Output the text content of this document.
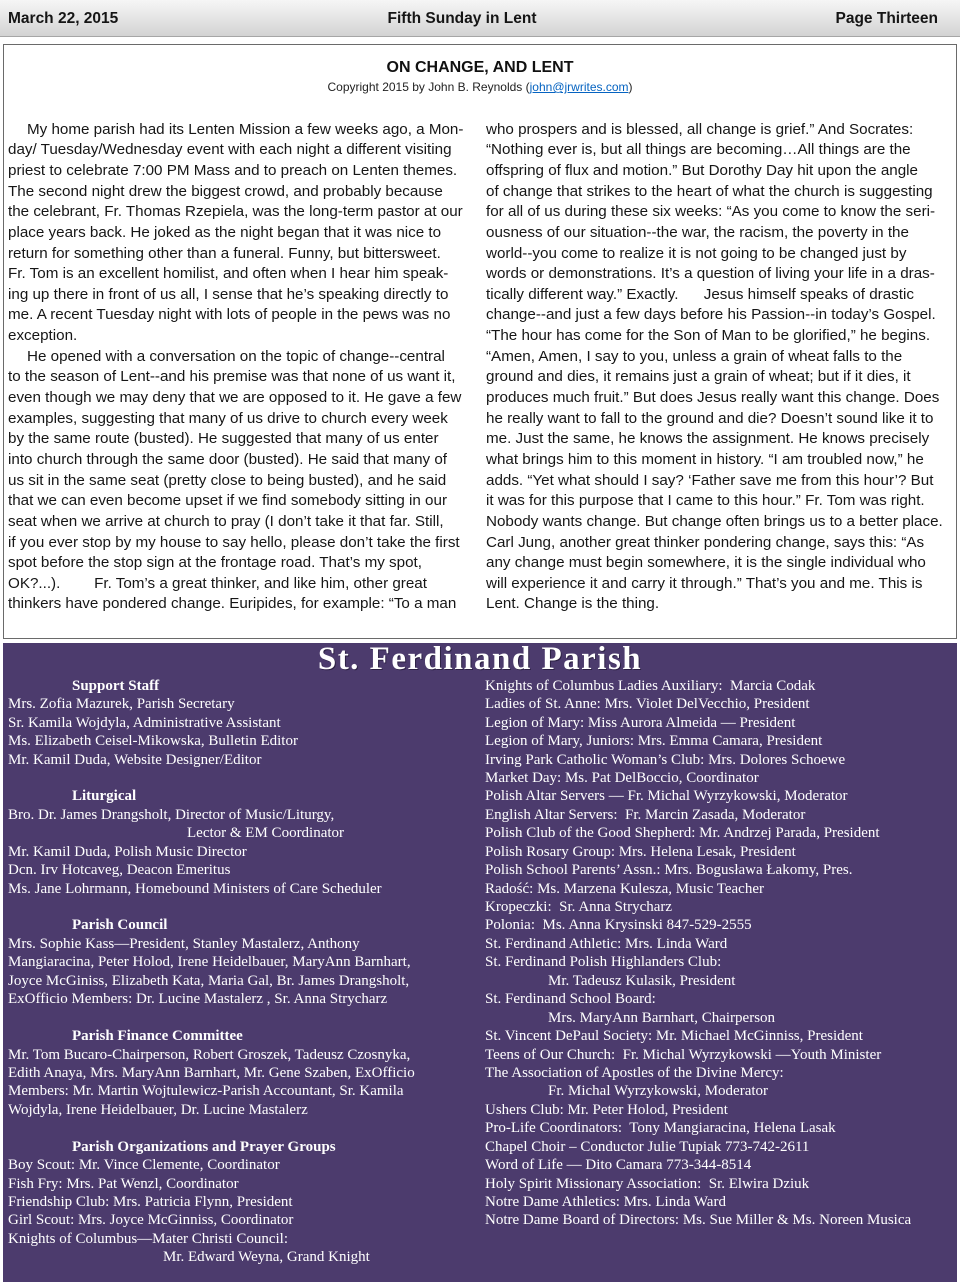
March 22, 2015	Fifth Sunday in Lent	Page Thirteen
ON CHANGE, AND LENT
Copyright 2015 by John B. Reynolds (john@jrwrites.com)
My home parish had its Lenten Mission a few weeks ago, a Mon-
day/ Tuesday/Wednesday event with each night a different visiting
priest to celebrate 7:00 PM Mass and to preach on Lenten themes.
The second night drew the biggest crowd, and probably because
the celebrant, Fr. Thomas Rzepiela, was the long-term pastor at our
place years back. He joked as the night began that it was nice to
return for something other than a funeral. Funny, but bittersweet.
Fr. Tom is an excellent homilist, and often when I hear him speak-
ing up there in front of us all, I sense that he’s speaking directly to
me. A recent Tuesday night with lots of people in the pews was no
exception.
He opened with a conversation on the topic of change--central
to the season of Lent--and his premise was that none of us want it,
even though we may deny that we are opposed to it. He gave a few
examples, suggesting that many of us drive to church every week
by the same route (busted). He suggested that many of us enter
into church through the same door (busted). He said that many of
us sit in the same seat (pretty close to being busted), and he said
that we can even become upset if we find somebody sitting in our
seat when we arrive at church to pray (I don’t take it that far. Still,
if you ever stop by my house to say hello, please don’t take the first
spot before the stop sign at the frontage road. That’s my spot,
OK?...).        Fr. Tom’s a great thinker, and like him, other great
thinkers have pondered change. Euripides, for example: “To a man
who prospers and is blessed, all change is grief.” And Socrates:
“Nothing ever is, but all things are becoming…All things are the
offspring of flux and motion.” But Dorothy Day hit upon the angle
of change that strikes to the heart of what the church is suggesting
for all of us during these six weeks: “As you come to know the seri-
ousness of our situation--the war, the racism, the poverty in the
world--you come to realize it is not going to be changed just by
words or demonstrations. It’s a question of living your life in a dras-
tically different way.” Exactly.      Jesus himself speaks of drastic
change--and just a few days before his Passion--in today’s Gospel.
“The hour has come for the Son of Man to be glorified,” he begins.
“Amen, Amen, I say to you, unless a grain of wheat falls to the
ground and dies, it remains just a grain of wheat; but if it dies, it
produces much fruit.” But does Jesus really want this change. Does
he really want to fall to the ground and die? Doesn’t sound like it to
me. Just the same, he knows the assignment. He knows precisely
what brings him to this moment in history. “I am troubled now,” he
adds. “Yet what should I say? ‘Father save me from this hour’? But
it was for this purpose that I came to this hour.” Fr. Tom was right.
Nobody wants change. But change often brings us to a better place.
Carl Jung, another great thinker pondering change, says this: “As
any change must begin somewhere, it is the single individual who
will experience it and carry it through.” That’s you and me. This is
Lent. Change is the thing.
St. Ferdinand Parish
Support Staff
Mrs. Zofia Mazurek, Parish Secretary
Sr. Kamila Wojdyla, Administrative Assistant
Ms. Elizabeth Ceisel-Mikowska, Bulletin Editor
Mr. Kamil Duda, Website Designer/Editor
Liturgical
Bro. Dr. James Drangsholt, Director of Music/Liturgy,
Lector & EM Coordinator
Mr. Kamil Duda, Polish Music Director
Dcn. Irv Hotcaveg, Deacon Emeritus
Ms. Jane Lohrmann, Homebound Ministers of Care Scheduler
Parish Council
Mrs. Sophie Kass—President, Stanley Mastalerz, Anthony
Mangiaracina, Peter Holod, Irene Heidelbauer, MaryAnn Barnhart,
Joyce McGiniss, Elizabeth Kata, Maria Gal, Br. James Drangsholt,
ExOfficio Members: Dr. Lucine Mastalerz , Sr. Anna Strycharz
Parish Finance Committee
Mr. Tom Bucaro-Chairperson, Robert Groszek, Tadeusz Czosnyka,
Edith Anaya, Mrs. MaryAnn Barnhart, Mr. Gene Szaben, ExOfficio
Members: Mr. Martin Wojtulewicz-Parish Accountant, Sr. Kamila
Wojdyla, Irene Heidelbauer, Dr. Lucine Mastalerz
Parish Organizations and Prayer Groups
Boy Scout: Mr. Vince Clemente, Coordinator
Fish Fry: Mrs. Pat Wenzl, Coordinator
Friendship Club: Mrs. Patricia Flynn, President
Girl Scout: Mrs. Joyce McGinniss, Coordinator
Knights of Columbus—Mater Christi Council:
Mr. Edward Weyna, Grand Knight
Knights of Columbus Ladies Auxiliary:  Marcia Codak
Ladies of St. Anne: Mrs. Violet DelVecchio, President
Legion of Mary: Miss Aurora Almeida — President
Legion of Mary, Juniors: Mrs. Emma Camara, President
Irving Park Catholic Woman’s Club: Mrs. Dolores Schoewe
Market Day: Ms. Pat DelBoccio, Coordinator
Polish Altar Servers — Fr. Michal Wyrzykowski, Moderator
English Altar Servers:  Fr. Marcin Zasada, Moderator
Polish Club of the Good Shepherd: Mr. Andrzej Parada, President
Polish Rosary Group: Mrs. Helena Lesak, President
Polish School Parents’ Assn.: Mrs. Bogusława Łakomy, Pres.
Radość: Ms. Marzena Kulesza, Music Teacher
Kropeczki:  Sr. Anna Strycharz
Polonia:  Ms. Anna Krysinski 847-529-2555
St. Ferdinand Athletic: Mrs. Linda Ward
St. Ferdinand Polish Highlanders Club:
Mr. Tadeusz Kulasik, President
St. Ferdinand School Board:
Mrs. MaryAnn Barnhart, Chairperson
St. Vincent DePaul Society: Mr. Michael McGinniss, President
Teens of Our Church:  Fr. Michal Wyrzykowski —Youth Minister
The Association of Apostles of the Divine Mercy:
Fr. Michal Wyrzykowski, Moderator
Ushers Club: Mr. Peter Holod, President
Pro-Life Coordinators:  Tony Mangiaracina, Helena Lasak
Chapel Choir – Conductor Julie Tupiak 773-742-2611
Word of Life — Dito Camara 773-344-8514
Holy Spirit Missionary Association:  Sr. Elwira Dziuk
Notre Dame Athletics: Mrs. Linda Ward
Notre Dame Board of Directors: Ms. Sue Miller & Ms. Noreen Musica
